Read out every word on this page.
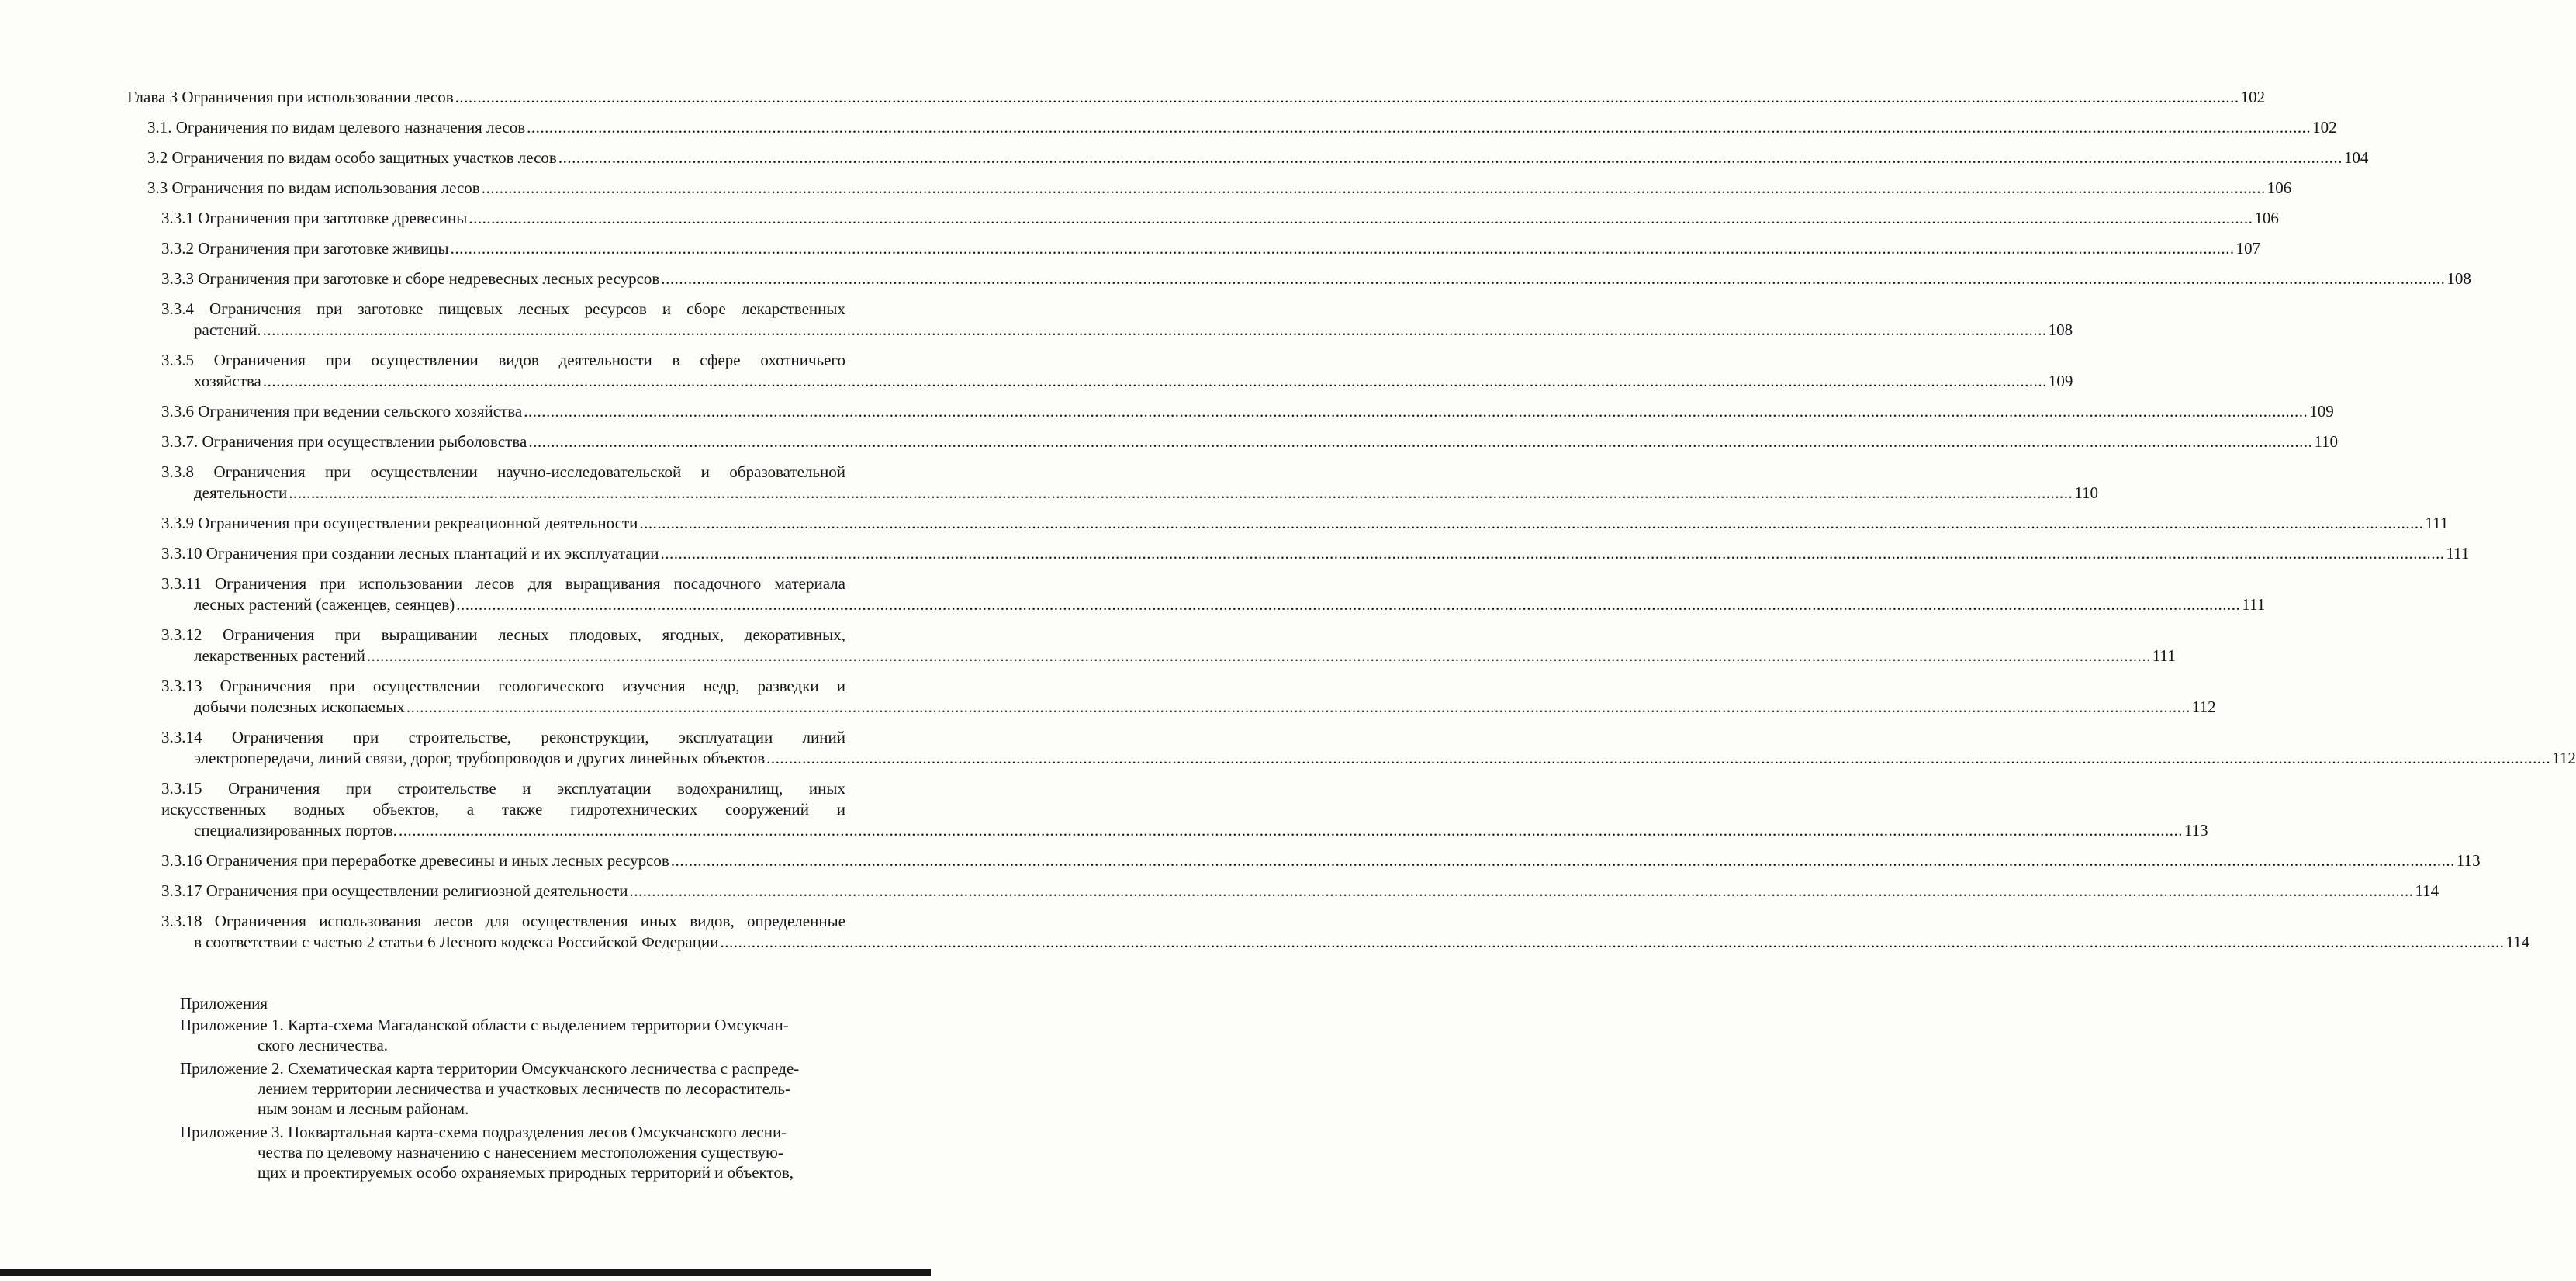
Глава 3 Ограничения при использовании лесов ................................................................................................................................................................................................................................................................................................................................................................................................................ 102
3.1. Ограничения по видам целевого назначения лесов ................................................................................................................................................................................................................................................................................................................................................................................................................ 102
3.2 Ограничения по видам особо защитных участков лесов ................................................................................................................................................................................................................................................................................................................................................................................................................ 104
3.3 Ограничения по видам использования лесов ................................................................................................................................................................................................................................................................................................................................................................................................................ 106
3.3.1 Ограничения при заготовке древесины ................................................................................................................................................................................................................................................................................................................................................................................................................ 106
3.3.2 Ограничения при заготовке живицы ................................................................................................................................................................................................................................................................................................................................................................................................................ 107
3.3.3 Ограничения при заготовке и сборе недревесных лесных ресурсов ................................................................................................................................................................................................................................................................................................................................................................................................................ 108
3.3.4 Ограничения при заготовке пищевых лесных ресурсов и сборе лекарственных
растений. ................................................................................................................................................................................................................................................................................................................................................................................................................ 108
3.3.5 Ограничения при осуществлении видов деятельности в сфере охотничьего
хозяйства ................................................................................................................................................................................................................................................................................................................................................................................................................ 109
3.3.6 Ограничения при ведении сельского хозяйства ................................................................................................................................................................................................................................................................................................................................................................................................................ 109
3.3.7. Ограничения при осуществлении рыболовства ................................................................................................................................................................................................................................................................................................................................................................................................................ 110
3.3.8 Ограничения при осуществлении научно-исследовательской и образовательной
деятельности ................................................................................................................................................................................................................................................................................................................................................................................................................ 110
3.3.9 Ограничения при осуществлении рекреационной деятельности ................................................................................................................................................................................................................................................................................................................................................................................................................ 111
3.3.10 Ограничения при создании лесных плантаций и их эксплуатации ................................................................................................................................................................................................................................................................................................................................................................................................................ 111
3.3.11 Ограничения при использовании лесов для выращивания посадочного материала
лесных растений (саженцев, сеянцев) ................................................................................................................................................................................................................................................................................................................................................................................................................ 111
3.3.12 Ограничения при выращивании лесных плодовых, ягодных, декоративных,
лекарственных растений ................................................................................................................................................................................................................................................................................................................................................................................................................ 111
3.3.13 Ограничения при осуществлении геологического изучения недр, разведки и
добычи полезных ископаемых ................................................................................................................................................................................................................................................................................................................................................................................................................ 112
3.3.14 Ограничения при строительстве, реконструкции, эксплуатации линий
электропередачи, линий связи, дорог, трубопроводов и других линейных объектов ................................................................................................................................................................................................................................................................................................................................................................................................................ 112
3.3.15 Ограничения при строительстве и эксплуатации водохранилищ, иных
искусственных водных объектов, а также гидротехнических сооружений и
специализированных портов. ................................................................................................................................................................................................................................................................................................................................................................................................................ 113
3.3.16 Ограничения при переработке древесины и иных лесных ресурсов ................................................................................................................................................................................................................................................................................................................................................................................................................ 113
3.3.17 Ограничения при осуществлении религиозной деятельности ................................................................................................................................................................................................................................................................................................................................................................................................................ 114
3.3.18 Ограничения использования лесов для осуществления иных видов, определенные
в соответствии с частью 2 статьи 6 Лесного кодекса Российской Федерации ................................................................................................................................................................................................................................................................................................................................................................................................................ 114
Приложения
Приложение 1. Карта-схема Магаданской области с выделением территории Омсукчан-
ского лесничества.
Приложение 2. Схематическая карта территории Омсукчанского лесничества с распреде-
лением территории лесничества и участковых лесничеств по лесораститель-
ным зонам и лесным районам.
Приложение 3. Поквартальная карта-схема подразделения лесов Омсукчанского лесни-
чества по целевому назначению с нанесением местоположения существую-
щих и проектируемых особо охраняемых природных территорий и объектов,
